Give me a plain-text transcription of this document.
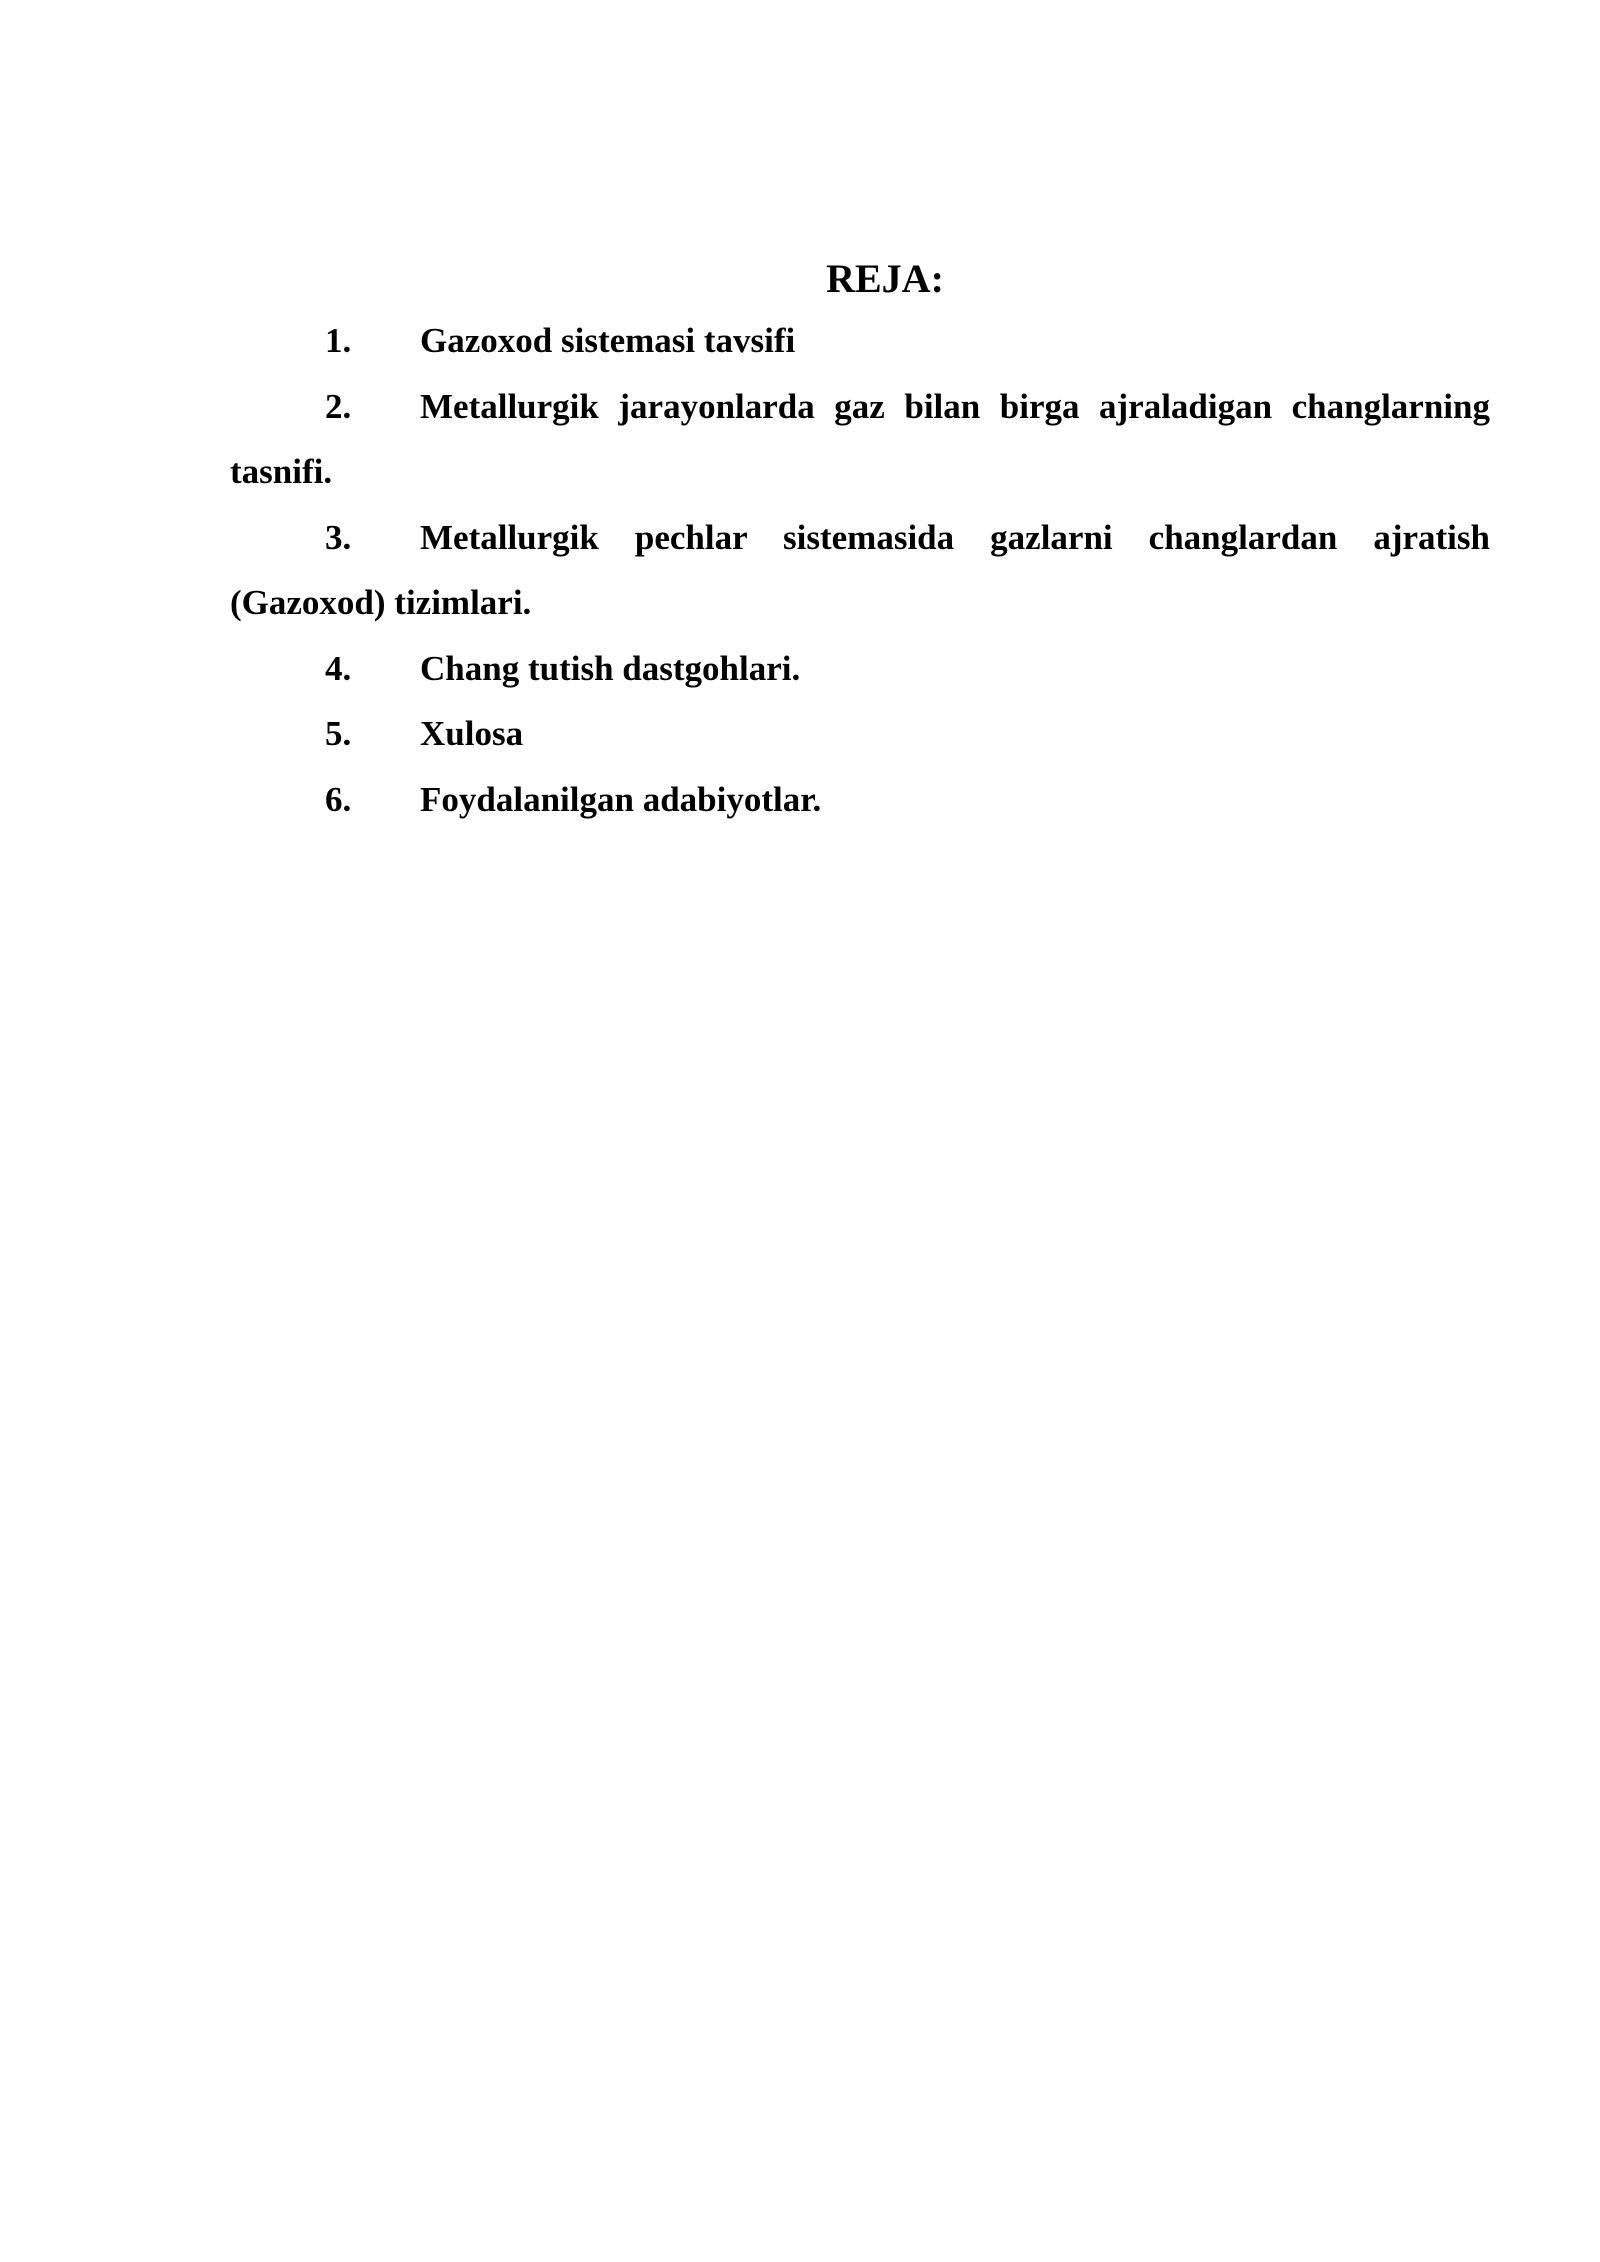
REJA:
1. Gazoxod sistemasi tavsifi
2. Metallurgik jarayonlarda gaz bilan birga ajraladigan changlarning tasnifi.
3. Metallurgik pechlar sistemasida gazlarni changlardan ajratish (Gazoxod) tizimlari.
4. Chang tutish dastgohlari.
5. Xulosa
6. Foydalanilgan adabiyotlar.
